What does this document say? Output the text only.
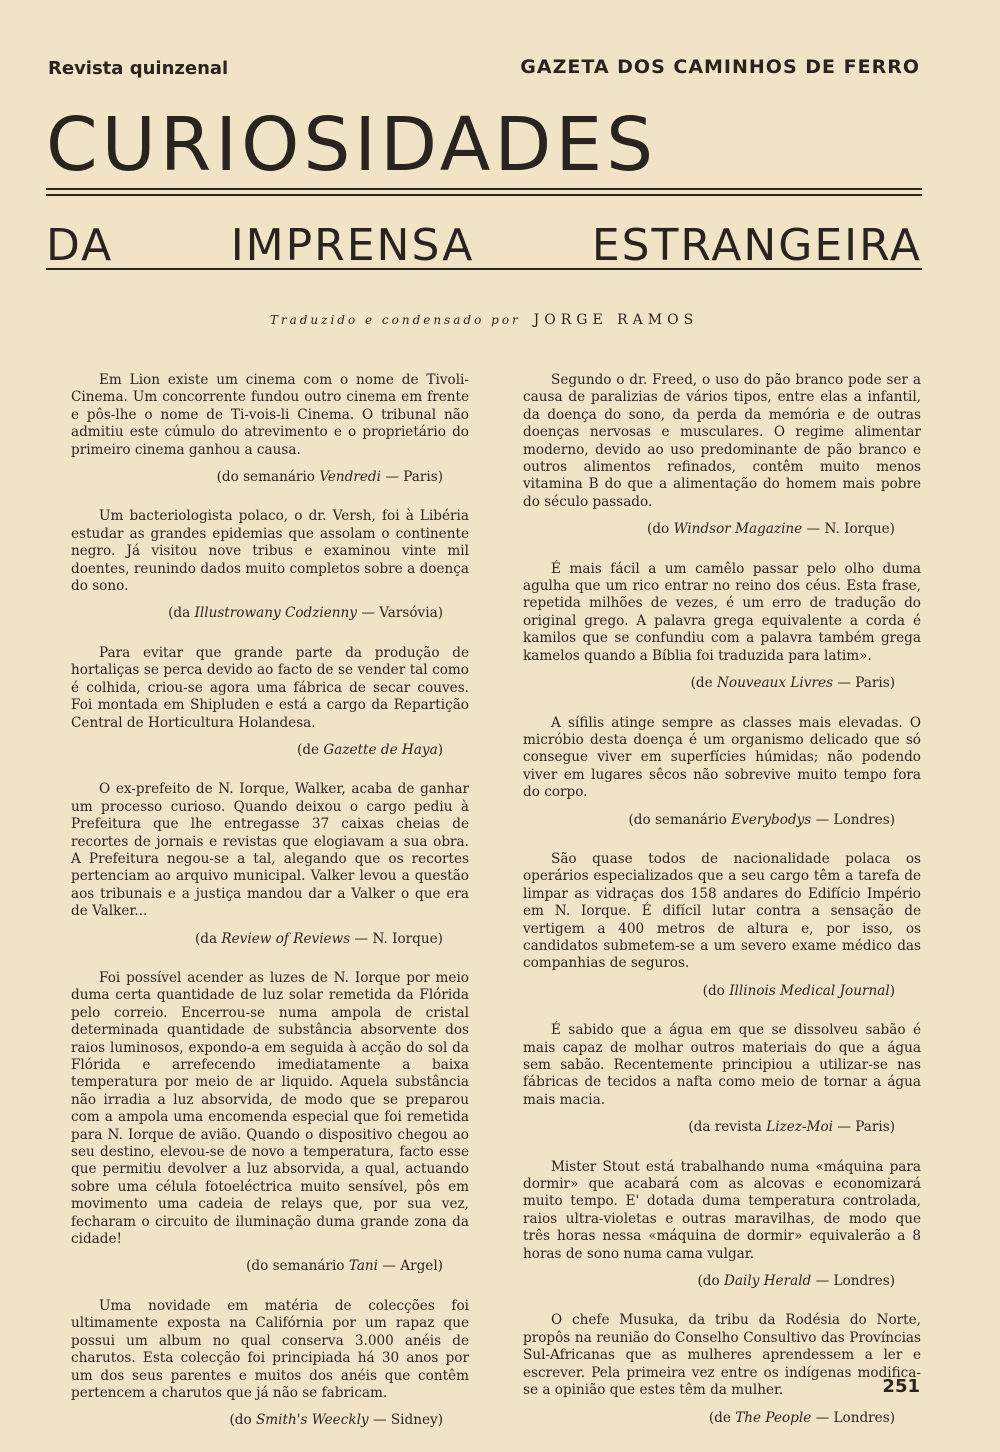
Revista quinzenal	GAZETA DOS CAMINHOS DE FERRO
CURIOSIDADES
DA IMPRENSA ESTRANGEIRA
Traduzido e condensado por JORGE RAMOS

Em Lion existe um cinema com o nome de Tivoli-Cinema. Um concorrente fundou outro cinema em frente e pôs-lhe o nome de Ti-vois-li Cinema. O tribunal não admitiu este cúmulo do atrevimento e o proprietário do primeiro cinema ganhou a causa.

(do semanário Vendredi — Paris)

Um bacteriologista polaco, o dr. Versh, foi à Libéria estudar as grandes epidemias que assolam o continente negro. Já visitou nove tribus e examinou vinte mil doentes, reunindo dados muito completos sobre a doença do sono.

(da Illustrowany Codzienny — Varsóvia)

Para evitar que grande parte da produção de hortaliças se perca devido ao facto de se vender tal como é colhida, criou-se agora uma fábrica de secar couves. Foi montada em Shipluden e está a cargo da Repartição Central de Horticultura Holandesa.

(de Gazette de Haya)

O ex-prefeito de N. Iorque, Walker, acaba de ganhar um processo curioso. Quando deixou o cargo pediu à Prefeitura que lhe entregasse 37 caixas cheias de recortes de jornais e revistas que elogiavam a sua obra. A Prefeitura negou-se a tal, alegando que os recortes pertenciam ao arquivo municipal. Valker levou a questão aos tribunais e a justiça mandou dar a Valker o que era de Valker...

(da Review of Reviews — N. Iorque)

Foi possível acender as luzes de N. Iorque por meio duma certa quantidade de luz solar remetida da Flórida pelo correio. Encerrou-se numa ampola de cristal determinada quantidade de substância absorvente dos raios luminosos, expondo-a em seguida à acção do sol da Flórida e arrefecendo imediatamente a baixa temperatura por meio de ar liquido. Aquela substância não irradia a luz absorvida, de modo que se preparou com a ampola uma encomenda especial que foi remetida para N. Iorque de avião. Quando o dispositivo chegou ao seu destino, elevou-se de novo a temperatura, facto esse que permitiu devolver a luz absorvida, a qual, actuando sobre uma célula fotoeléctrica muito sensível, pôs em movimento uma cadeia de relays que, por sua vez, fecharam o circuito de iluminação duma grande zona da cidade!

(do semanário Tani — Argel)

Uma novidade em matéria de colecções foi ultimamente exposta na Califórnia por um rapaz que possui um album no qual conserva 3.000 anéis de charutos. Esta colecção foi principiada há 30 anos por um dos seus parentes e muitos dos anéis que contêm pertencem a charutos que já não se fabricam.

(do Smith's Weeckly — Sidney)

Segundo o dr. Freed, o uso do pão branco pode ser a causa de paralizias de vários tipos, entre elas a infantil, da doença do sono, da perda da memória e de outras doenças nervosas e musculares. O regime alimentar moderno, devido ao uso predominante de pão branco e outros alimentos refinados, contêm muito menos vitamina B do que a alimentação do homem mais pobre do século passado.

(do Windsor Magazine — N. Iorque)

É mais fácil a um camêlo passar pelo olho duma agulha que um rico entrar no reino dos céus. Esta frase, repetida milhões de vezes, é um erro de tradução do original grego. A palavra grega equivalente a corda é kamilos que se confundiu com a palavra também grega kamelos quando a Bíblia foi traduzida para latim».

(de Nouveaux Livres — Paris)

A sífilis atinge sempre as classes mais elevadas. O micróbio desta doença é um organismo delicado que só consegue viver em superfícies húmidas; não podendo viver em lugares sêcos não sobrevive muito tempo fora do corpo.

(do semanário Everybodys — Londres)

São quase todos de nacionalidade polaca os operários especializados que a seu cargo têm a tarefa de limpar as vidraças dos 158 andares do Edifício Império em N. Iorque. É difícil lutar contra a sensação de vertigem a 400 metros de altura e, por isso, os candidatos submetem-se a um severo exame médico das companhias de seguros.

(do Illinois Medical Journal)

É sabido que a água em que se dissolveu sabão é mais capaz de molhar outros materiais do que a água sem sabão. Recentemente principiou a utilizar-se nas fábricas de tecidos a nafta como meio de tornar a água mais macia.

(da revista Lizez-Moi — Paris)

Mister Stout está trabalhando numa «máquina para dormir» que acabará com as alcovas e economizará muito tempo. E' dotada duma temperatura controlada, raios ultra-violetas e outras maravilhas, de modo que três horas nessa «máquina de dormir» equivalerão a 8 horas de sono numa cama vulgar.

(do Daily Herald — Londres)

O chefe Musuka, da tribu da Rodésia do Norte, propôs na reunião do Conselho Consultivo das Províncias Sul-Africanas que as mulheres aprendessem a ler e escrever. Pela primeira vez entre os indígenas modifica-se a opinião que estes têm da mulher.

(de The People — Londres)

251
